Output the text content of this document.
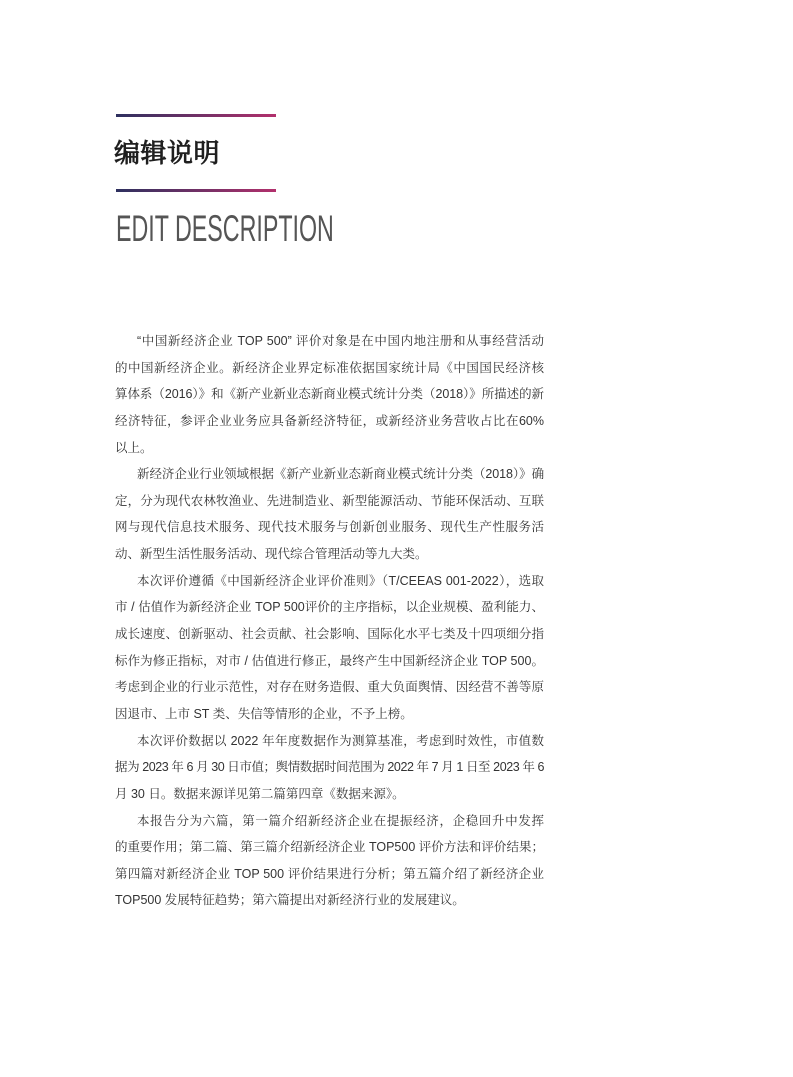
编辑说明
EDIT DESCRIPTION
“中国新经济企业 TOP 500” 评价对象是在中国内地注册和从事经营活动
的中国新经济企业。新经济企业界定标准依据国家统计局《中国国民经济核
算体系（2016）》和《新产业新业态新商业模式统计分类（2018）》所描述的新
经济特征，参评企业业务应具备新经济特征，或新经济业务营收占比在60%
以上。
新经济企业行业领域根据《新产业新业态新商业模式统计分类（2018）》确
定，分为现代农林牧渔业、先进制造业、新型能源活动、节能环保活动、互联
网与现代信息技术服务、现代技术服务与创新创业服务、现代生产性服务活
动、新型生活性服务活动、现代综合管理活动等九大类。
本次评价遵循《中国新经济企业评价准则》（T/CEEAS 001-2022），选取
市 / 估值作为新经济企业 TOP 500评价的主序指标，以企业规模、盈利能力、
成长速度、创新驱动、社会贡献、社会影响、国际化水平七类及十四项细分指
标作为修正指标，对市 / 估值进行修正，最终产生中国新经济企业 TOP 500。
考虑到企业的行业示范性，对存在财务造假、重大负面舆情、因经营不善等原
因退市、上市 ST 类、失信等情形的企业，不予上榜。
本次评价数据以 2022 年年度数据作为测算基准，考虑到时效性，市值数
据为 2023 年 6 月 30 日市值；舆情数据时间范围为 2022 年 7 月 1 日至 2023 年 6
月 30 日。数据来源详见第二篇第四章《数据来源》。
本报告分为六篇，第一篇介绍新经济企业在提振经济，企稳回升中发挥
的重要作用；第二篇、第三篇介绍新经济企业 TOP500 评价方法和评价结果；
第四篇对新经济企业 TOP 500 评价结果进行分析；第五篇介绍了新经济企业
TOP500 发展特征趋势；第六篇提出对新经济行业的发展建议。
